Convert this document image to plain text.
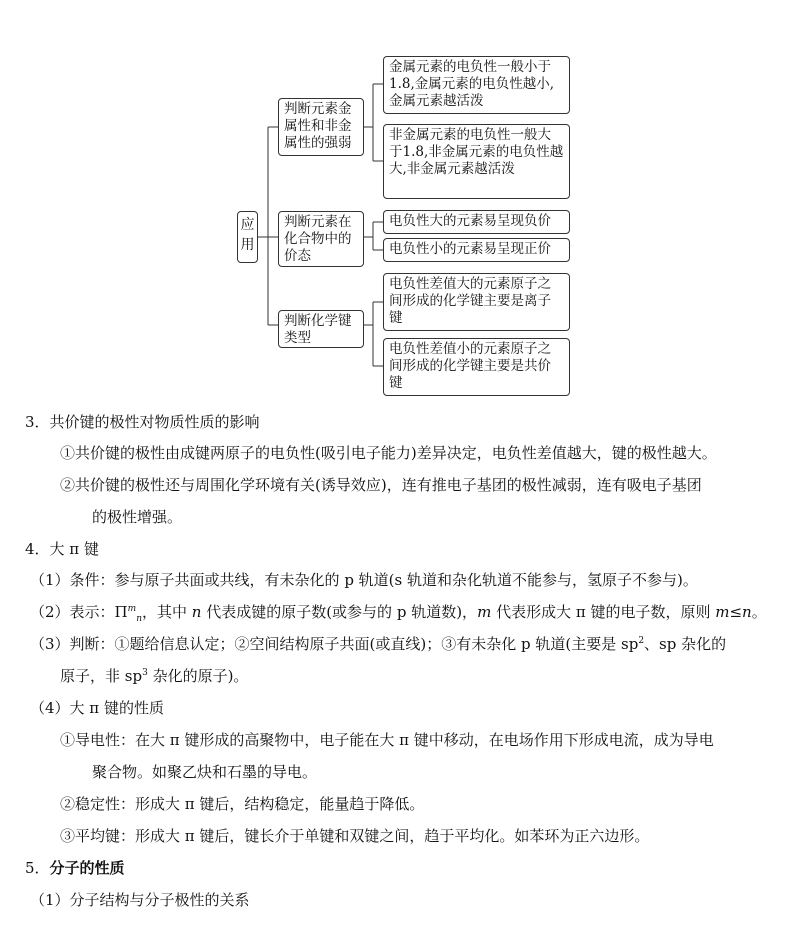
应用
判断元素金属性和非金属性的强弱
判断元素在化合物中的价态
判断化学键类型
金属元素的电负性一般小于1.8,金属元素的电负性越小,金属元素越活泼
非金属元素的电负性一般大于1.8,非金属元素的电负性越大,非金属元素越活泼
电负性大的元素易呈现负价
电负性小的元素易呈现正价
电负性差值大的元素原子之间形成的化学键主要是离子键
电负性差值小的元素原子之间形成的化学键主要是共价键
3．共价键的极性对物质性质的影响
①共价键的极性由成键两原子的电负性(吸引电子能力)差异决定，电负性差值越大，键的极性越大。
②共价键的极性还与周围化学环境有关(诱导效应)，连有推电子基团的极性减弱，连有吸电子基团
的极性增强。
4．大 π 键
（1）条件：参与原子共面或共线，有未杂化的 p 轨道(s 轨道和杂化轨道不能参与，氢原子不参与)。
（2）表示：$\Pi^m_n$，其中 n 代表成键的原子数(或参与的 p 轨道数)，m 代表形成大 π 键的电子数，原则 m≤n。
（3）判断：①题给信息认定；②空间结构原子共面(或直线)；③有未杂化 p 轨道(主要是 $sp^2$、sp 杂化的
原子，非 $sp^3$ 杂化的原子)。
（4）大 π 键的性质
①导电性：在大 π 键形成的高聚物中，电子能在大 π 键中移动，在电场作用下形成电流，成为导电
聚合物。如聚乙炔和石墨的导电。
②稳定性：形成大 π 键后，结构稳定，能量趋于降低。
③平均键：形成大 π 键后，键长介于单键和双键之间，趋于平均化。如苯环为正六边形。
5．分子的性质
（1）分子结构与分子极性的关系
